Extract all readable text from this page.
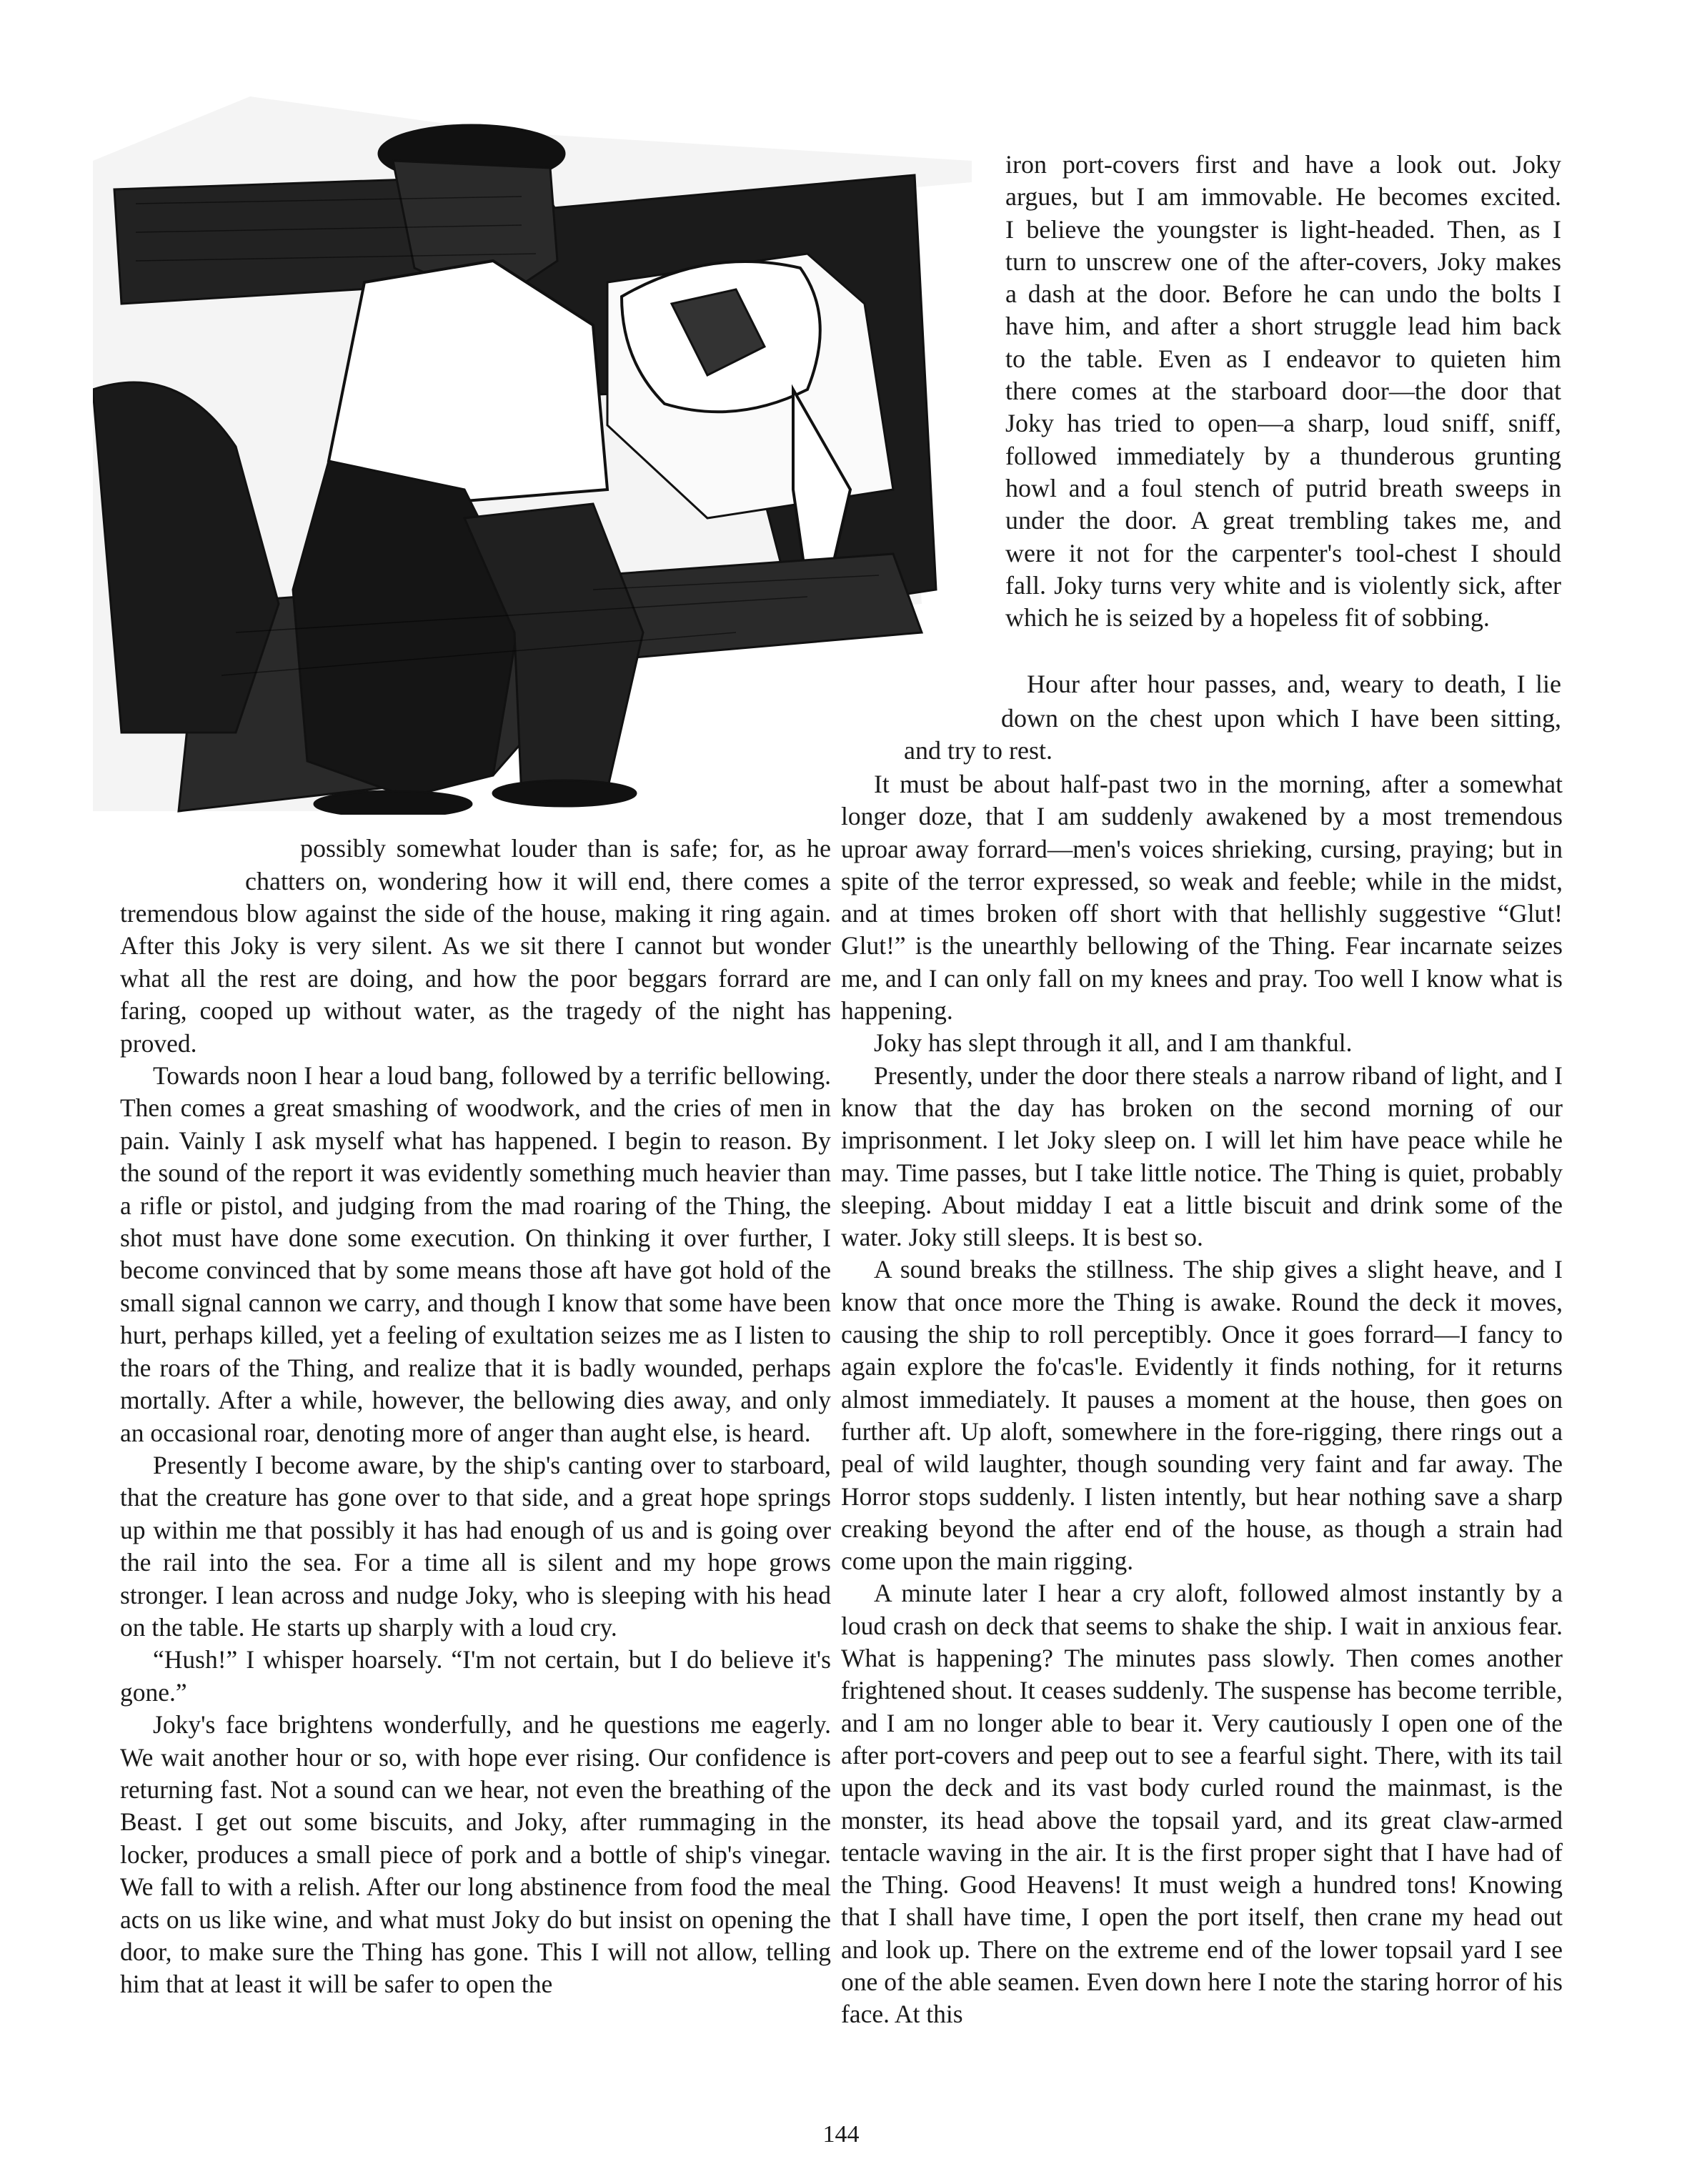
iron port-covers first and have a look out. Joky
argues, but I am immovable. He becomes excited.
I believe the youngster is light-headed. Then, as I
turn to unscrew one of the after-covers, Joky makes
a dash at the door. Before he can undo the bolts I
have him, and after a short struggle lead him back
to the table. Even as I endeavor to quieten him
there comes at the starboard door—the door that
Joky has tried to open—a sharp, loud sniff, sniff,
followed immediately by a thunderous grunting
howl and a foul stench of putrid breath sweeps in
under the door. A great trembling takes me, and
were it not for the carpenter's tool-chest I should
fall. Joky turns very white and is violently sick, after
which he is seized by a hopeless fit of sobbing.
Hour after hour passes, and, weary to death, I lie
down on the chest upon which I have been sitting,
and try to rest.

It must be about half-past two in the morning, after a somewhat longer doze, that I am suddenly awakened by a most tremendous uproar away forrard—men's voices shrieking, cursing, praying; but in spite of the terror expressed, so weak and feeble; while in the midst, and at times broken off short with that hellishly suggestive “Glut! Glut!” is the unearthly bellowing of the Thing. Fear incarnate seizes me, and I can only fall on my knees and pray. Too well I know what is happening.

Joky has slept through it all, and I am thankful.

Presently, under the door there steals a narrow riband of light, and I know that the day has broken on the second morning of our imprisonment. I let Joky sleep on. I will let him have peace while he may. Time passes, but I take little notice. The Thing is quiet, probably sleeping. About midday I eat a little biscuit and drink some of the water. Joky still sleeps. It is best so.

A sound breaks the stillness. The ship gives a slight heave, and I know that once more the Thing is awake. Round the deck it moves, causing the ship to roll perceptibly. Once it goes forrard—I fancy to again explore the fo'cas'le. Evidently it finds nothing, for it returns almost immediately. It pauses a moment at the house, then goes on further aft. Up aloft, somewhere in the fore-rigging, there rings out a peal of wild laughter, though sounding very faint and far away. The Horror stops suddenly. I listen intently, but hear nothing save a sharp creaking beyond the after end of the house, as though a strain had come upon the main rigging.

A minute later I hear a cry aloft, followed almost instantly by a loud crash on deck that seems to shake the ship. I wait in anxious fear. What is happening? The minutes pass slowly. Then comes another frightened shout. It ceases suddenly. The suspense has become terrible, and I am no longer able to bear it. Very cautiously I open one of the after port-covers and peep out to see a fearful sight. There, with its tail upon the deck and its vast body curled round the mainmast, is the monster, its head above the topsail yard, and its great claw-armed tentacle waving in the air. It is the first proper sight that I have had of the Thing. Good Heavens! It must weigh a hundred tons! Knowing that I shall have time, I open the port itself, then crane my head out and look up. There on the extreme end of the lower topsail yard I see one of the able seamen. Even down here I note the staring horror of his face. At this

possibly somewhat louder than is safe; for, as he
chatters on, wondering how it will end, there comes a

tremendous blow against the side of the house, making it ring again. After this Joky is very silent. As we sit there I cannot but wonder what all the rest are doing, and how the poor beggars forrard are faring, cooped up without water, as the tragedy of the night has proved.

Towards noon I hear a loud bang, followed by a terrific bellowing. Then comes a great smashing of woodwork, and the cries of men in pain. Vainly I ask myself what has happened. I begin to reason. By the sound of the report it was evidently something much heavier than a rifle or pistol, and judging from the mad roaring of the Thing, the shot must have done some execution. On thinking it over further, I become convinced that by some means those aft have got hold of the small signal cannon we carry, and though I know that some have been hurt, perhaps killed, yet a feeling of exultation seizes me as I listen to the roars of the Thing, and realize that it is badly wounded, perhaps mortally. After a while, however, the bellowing dies away, and only an occasional roar, denoting more of anger than aught else, is heard.

Presently I become aware, by the ship's canting over to starboard, that the creature has gone over to that side, and a great hope springs up within me that possibly it has had enough of us and is going over the rail into the sea. For a time all is silent and my hope grows stronger. I lean across and nudge Joky, who is sleeping with his head on the table. He starts up sharply with a loud cry.

“Hush!” I whisper hoarsely. “I'm not certain, but I do believe it's gone.”

Joky's face brightens wonderfully, and he questions me eagerly. We wait another hour or so, with hope ever rising. Our confidence is returning fast. Not a sound can we hear, not even the breathing of the Beast. I get out some biscuits, and Joky, after rummaging in the locker, produces a small piece of pork and a bottle of ship's vinegar. We fall to with a relish. After our long abstinence from food the meal acts on us like wine, and what must Joky do but insist on opening the door, to make sure the Thing has gone. This I will not allow, telling him that at least it will be safer to open the

144
